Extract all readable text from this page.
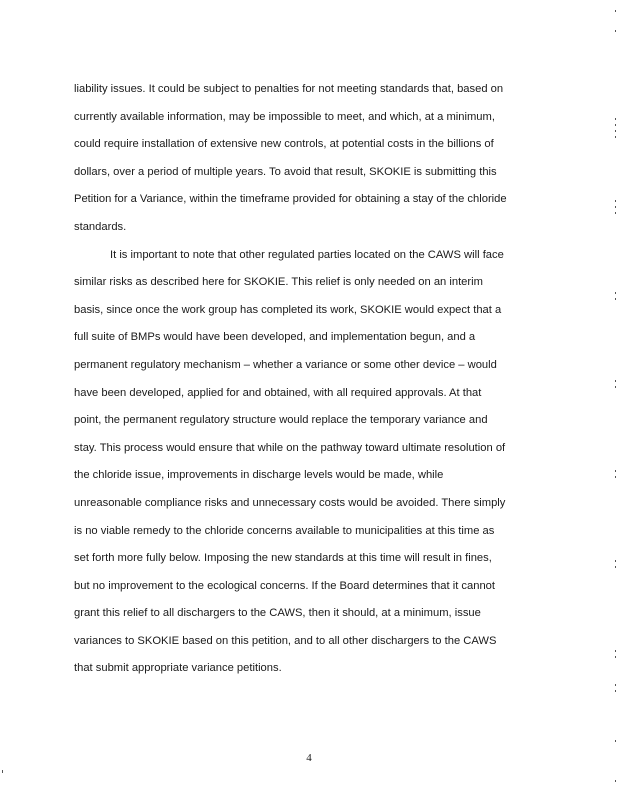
liability issues. It could be subject to penalties for not meeting standards that, based on
currently available information, may be impossible to meet, and which, at a minimum,
could require installation of extensive new controls, at potential costs in the billions of
dollars, over a period of multiple years. To avoid that result, SKOKIE is submitting this
Petition for a Variance, within the timeframe provided for obtaining a stay of the chloride
standards.
It is important to note that other regulated parties located on the CAWS will face
similar risks as described here for SKOKIE. This relief is only needed on an interim
basis, since once the work group has completed its work, SKOKIE would expect that a
full suite of BMPs would have been developed, and implementation begun, and a
permanent regulatory mechanism – whether a variance or some other device – would
have been developed, applied for and obtained, with all required approvals. At that
point, the permanent regulatory structure would replace the temporary variance and
stay. This process would ensure that while on the pathway toward ultimate resolution of
the chloride issue, improvements in discharge levels would be made, while
unreasonable compliance risks and unnecessary costs would be avoided. There simply
is no viable remedy to the chloride concerns available to municipalities at this time as
set forth more fully below. Imposing the new standards at this time will result in fines,
but no improvement to the ecological concerns. If the Board determines that it cannot
grant this relief to all dischargers to the CAWS, then it should, at a minimum, issue
variances to SKOKIE based on this petition, and to all other dischargers to the CAWS
that submit appropriate variance petitions.
4
